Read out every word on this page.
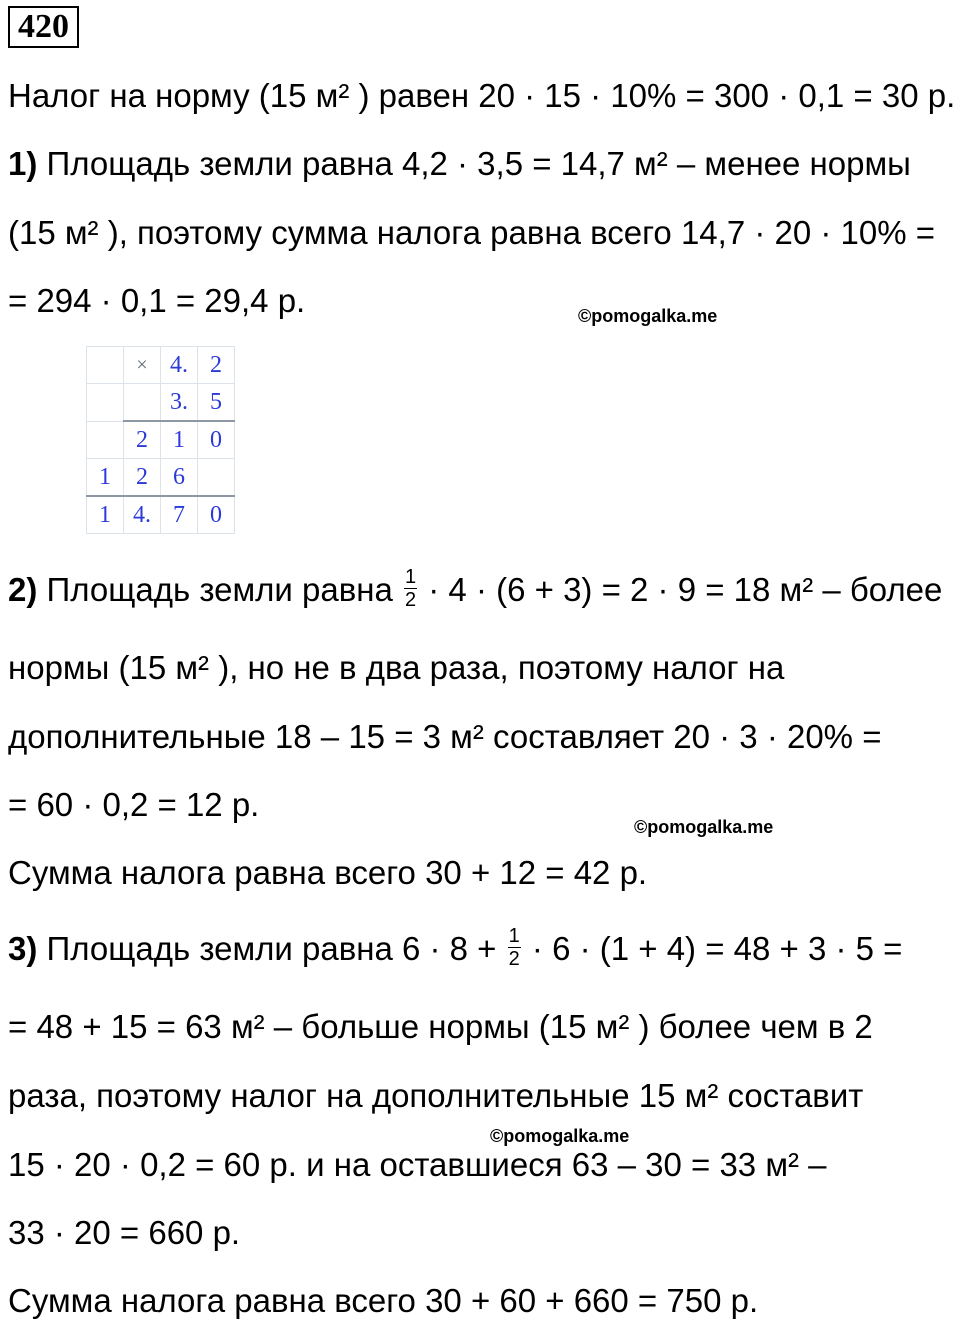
420
Налог на норму (15 м² ) равен 20 · 15 · 10% = 300 · 0,1 = 30 р.
1) Площадь земли равна 4,2 · 3,5 = 14,7 м² – менее нормы
(15 м² ), поэтому сумма налога равна всего 14,7 · 20 · 10% =
= 294 · 0,1 = 29,4 р.	©pomogalka.me
	×	4.	2
		3.	5
	2	1	0
1	2	6	
1	4.	7	0
2) Площадь земли равна $\frac{1}{2} \cdot 4 \cdot (6 + 3) = 2 \cdot 9 = 18$ м² – более
нормы (15 м² ), но не в два раза, поэтому налог на
дополнительные 18 – 15 = 3 м² составляет 20 · 3 · 20% =
= 60 · 0,2 = 12 р.
©pomogalka.me
Сумма налога равна всего 30 + 12 = 42 р.
3) Площадь земли равна $6 \cdot 8 + \frac{1}{2} \cdot 6 \cdot (1 + 4) = 48 + 3 \cdot 5$ =
= 48 + 15 = 63 м² – больше нормы (15 м² ) более чем в 2
раза, поэтому налог на дополнительные 15 м² составит
©pomogalka.me
15 · 20 · 0,2 = 60 р. и на оставшиеся 63 – 30 = 33 м² –
33 · 20 = 660 р.
Сумма налога равна всего 30 + 60 + 660 = 750 р.
